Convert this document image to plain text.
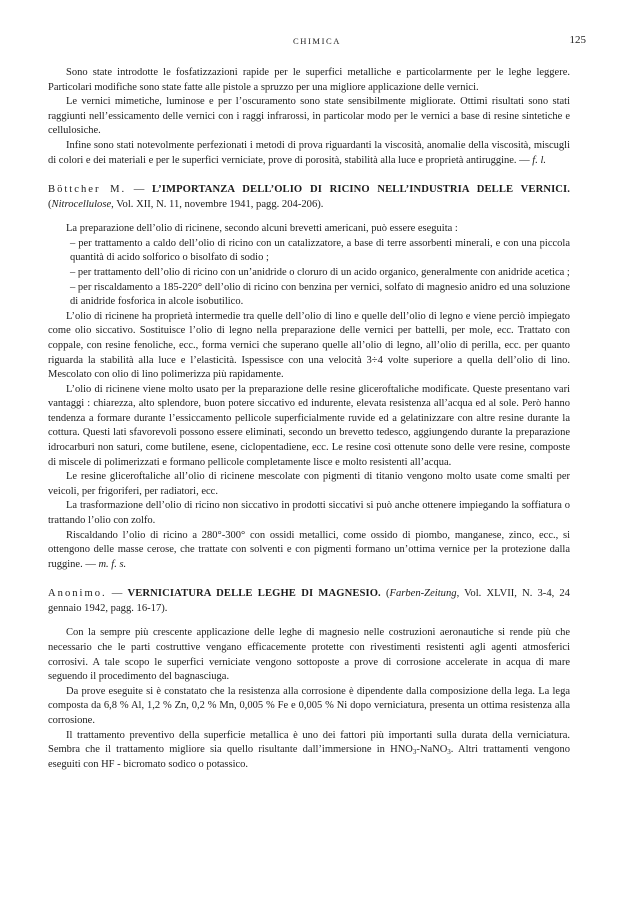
CHIMICA	125

Sono state introdotte le fosfatizzazioni rapide per le superfici metalliche e particolarmente per le leghe leggere. Particolari modifiche sono state fatte alle pistole a spruzzo per una migliore applicazione delle vernici.

Le vernici mimetiche, luminose e per l’oscuramento sono state sensibilmente migliorate. Ottimi risultati sono stati raggiunti nell’essicamento delle vernici con i raggi infrarossi, in particolar modo per le vernici a base di resine sintetiche e cellulosiche.

Infine sono stati notevolmente perfezionati i metodi di prova riguardanti la viscosità, anomalie della viscosità, miscugli di colori e dei materiali e per le superfici verniciate, prove di porosità, stabilità alla luce e proprietà antiruggine. — f. l.

Böttcher M. — L’IMPORTANZA DELL’OLIO DI RICINO NELL’INDUSTRIA DELLE VERNICI. (Nitrocellulose, Vol. XII, N. 11, novembre 1941, pagg. 204-206).

La preparazione dell’olio di ricinene, secondo alcuni brevetti americani, può essere eseguita :

– per trattamento a caldo dell’olio di ricino con un catalizzatore, a base di terre assorbenti minerali, e con una piccola quantità di acido solforico o bisolfato di sodio ;

– per trattamento dell’olio di ricino con un’anidride o cloruro di un acido organico, generalmente con anidride acetica ;

– per riscaldamento a 185-220° dell’olio di ricino con benzina per vernici, solfato di magnesio anidro ed una soluzione di anidride fosforica in alcole isobutilico.

L’olio di ricinene ha proprietà intermedie tra quelle dell’olio di lino e quelle dell’olio di legno e viene perciò impiegato come olio siccativo. Sostituisce l’olio di legno nella preparazione delle vernici per battelli, per mole, ecc. Trattato con coppale, con resine fenoliche, ecc., forma vernici che superano quelle all’olio di legno, all’olio di perilla, ecc. per quanto riguarda la stabilità alla luce e l’elasticità. Ispessisce con una velocità 3÷4 volte superiore a quella dell’olio di lino. Mescolato con olio di lino polimerizza più rapidamente.

L’olio di ricinene viene molto usato per la preparazione delle resine gliceroftaliche modificate. Queste presentano vari vantaggi : chiarezza, alto splendore, buon potere siccativo ed indurente, elevata resistenza all’acqua ed al sole. Però hanno tendenza a formare durante l’essiccamento pellicole superficialmente ruvide ed a gelatinizzare con altre resine durante la cottura. Questi lati sfavorevoli possono essere eliminati, secondo un brevetto tedesco, aggiungendo durante la preparazione idrocarburi non saturi, come butilene, esene, ciclopentadiene, ecc. Le resine così ottenute sono delle vere resine, composte di miscele di polimerizzati e formano pellicole completamente lisce e molto resistenti all’acqua.

Le resine gliceroftaliche all’olio di ricinene mescolate con pigmenti di titanio vengono molto usate come smalti per veicoli, per frigoriferi, per radiatori, ecc.

La trasformazione dell’olio di ricino non siccativo in prodotti siccativi si può anche ottenere impiegando la soffiatura o trattando l’olio con zolfo.

Riscaldando l’olio di ricino a 280°-300° con ossidi metallici, come ossido di piombo, manganese, zinco, ecc., si ottengono delle masse cerose, che trattate con solventi e con pigmenti formano un’ottima vernice per la protezione dalla ruggine. — m. f. s.

Anonimo. — VERNICIATURA DELLE LEGHE DI MAGNESIO. (Farben-Zeitung, Vol. XLVII, N. 3-4, 24 gennaio 1942, pagg. 16-17).

Con la sempre più crescente applicazione delle leghe di magnesio nelle costruzioni aeronautiche si rende più che necessario che le parti costruttive vengano efficacemente protette con rivestimenti resistenti agli agenti atmosferici corrosivi. A tale scopo le superfici verniciate vengono sottoposte a prove di corrosione accelerate in acqua di mare seguendo il procedimento del bagnasciuga.

Da prove eseguite si è constatato che la resistenza alla corrosione è dipendente dalla composizione della lega. La lega composta da 6,8 % Al, 1,2 % Zn, 0,2 % Mn, 0,005 % Fe e 0,005 % Ni dopo verniciatura, presenta un ottima resistenza alla corrosione.

Il trattamento preventivo della superficie metallica è uno dei fattori più importanti sulla durata della verniciatura. Sembra che il trattamento migliore sia quello risultante dall’immersione in $HNO_3-NaNO_3$. Altri trattamenti vengono eseguiti con HF - bicromato sodico o potassico.
